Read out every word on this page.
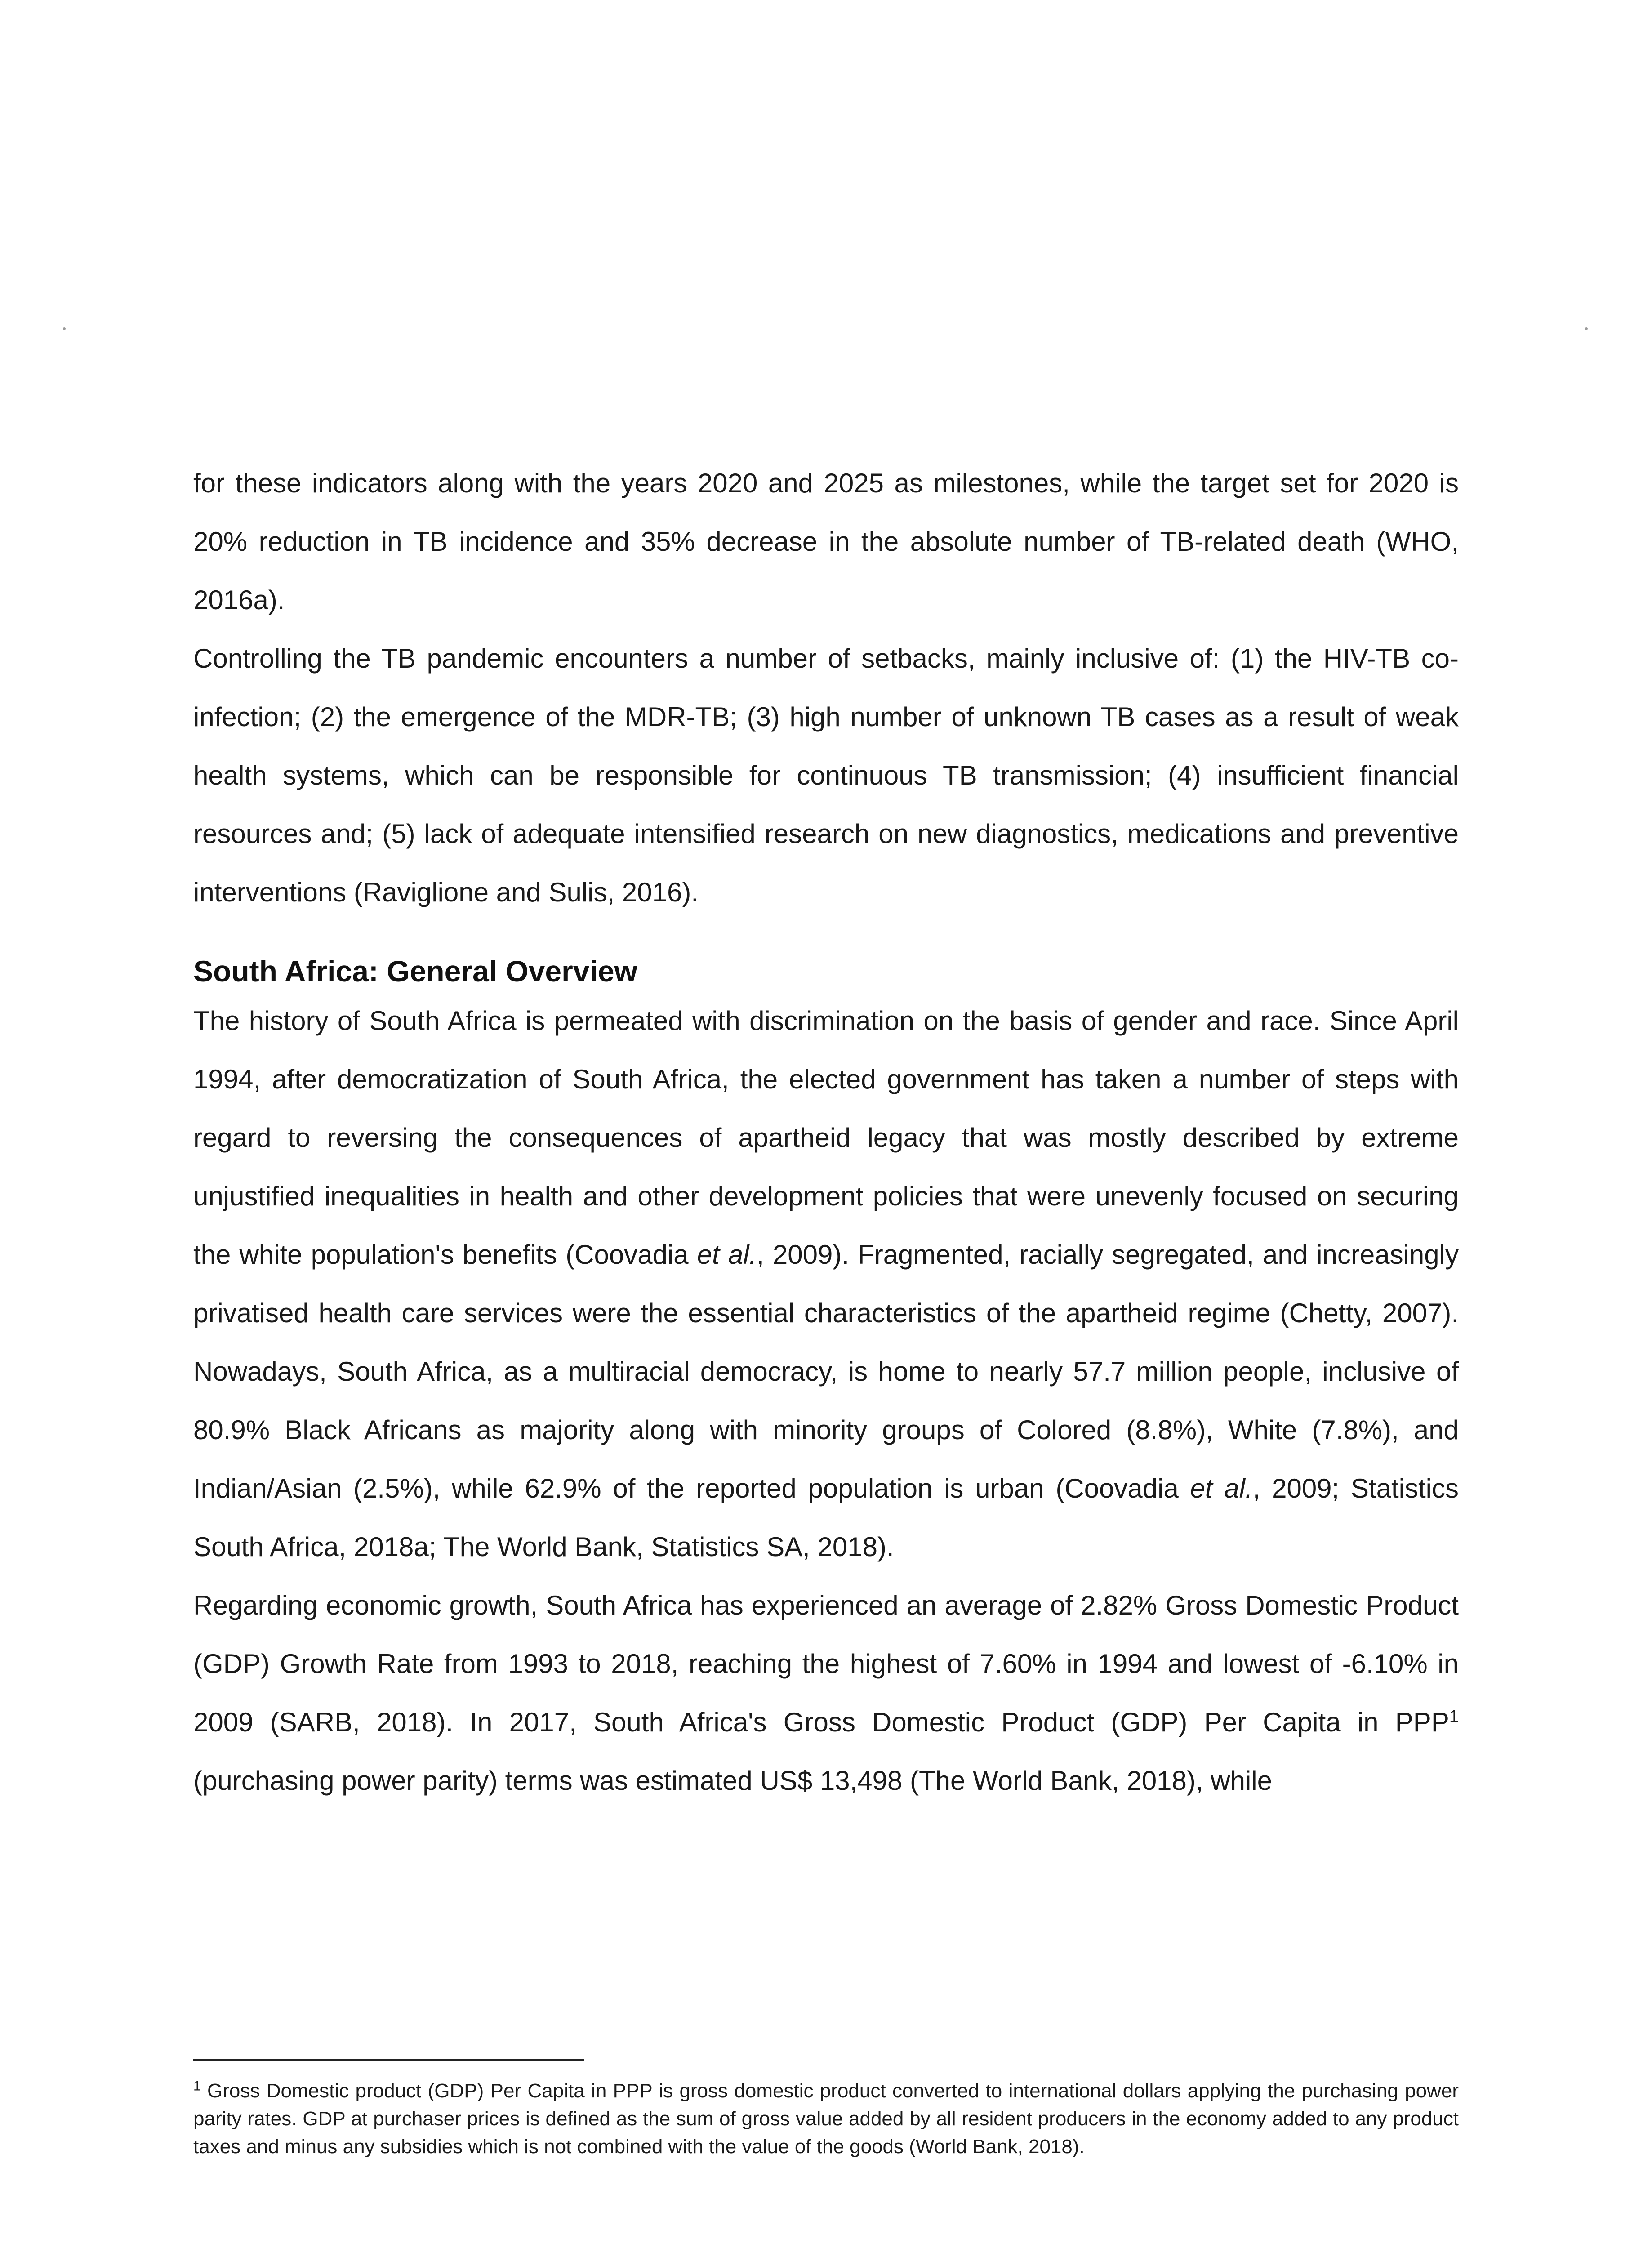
for these indicators along with the years 2020 and 2025 as milestones, while the target set for 2020 is 20% reduction in TB incidence and 35% decrease in the absolute number of TB-related death (WHO, 2016a).

Controlling the TB pandemic encounters a number of setbacks, mainly inclusive of: (1) the HIV-TB co-infection; (2) the emergence of the MDR-TB; (3) high number of unknown TB cases as a result of weak health systems, which can be responsible for continuous TB transmission; (4) insufficient financial resources and; (5) lack of adequate intensified research on new diagnostics, medications and preventive interventions (Raviglione and Sulis, 2016).

South Africa: General Overview

The history of South Africa is permeated with discrimination on the basis of gender and race. Since April 1994, after democratization of South Africa, the elected government has taken a number of steps with regard to reversing the consequences of apartheid legacy that was mostly described by extreme unjustified inequalities in health and other development policies that were unevenly focused on securing the white population's benefits (Coovadia et al., 2009). Fragmented, racially segregated, and increasingly privatised health care services were the essential characteristics of the apartheid regime (Chetty, 2007). Nowadays, South Africa, as a multiracial democracy, is home to nearly 57.7 million people, inclusive of 80.9% Black Africans as majority along with minority groups of Colored (8.8%), White (7.8%), and Indian/Asian (2.5%), while 62.9% of the reported population is urban (Coovadia et al., 2009; Statistics South Africa, 2018a; The World Bank, Statistics SA, 2018).

Regarding economic growth, South Africa has experienced an average of 2.82% Gross Domestic Product (GDP) Growth Rate from 1993 to 2018, reaching the highest of 7.60% in 1994 and lowest of -6.10% in 2009 (SARB, 2018). In 2017, South Africa's Gross Domestic Product (GDP) Per Capita in PPP$^1$ (purchasing power parity) terms was estimated US$ 13,498 (The World Bank, 2018), while

$^1$ Gross Domestic product (GDP) Per Capita in PPP is gross domestic product converted to international dollars applying the purchasing power parity rates. GDP at purchaser prices is defined as the sum of gross value added by all resident producers in the economy added to any product taxes and minus any subsidies which is not combined with the value of the goods (World Bank, 2018).
